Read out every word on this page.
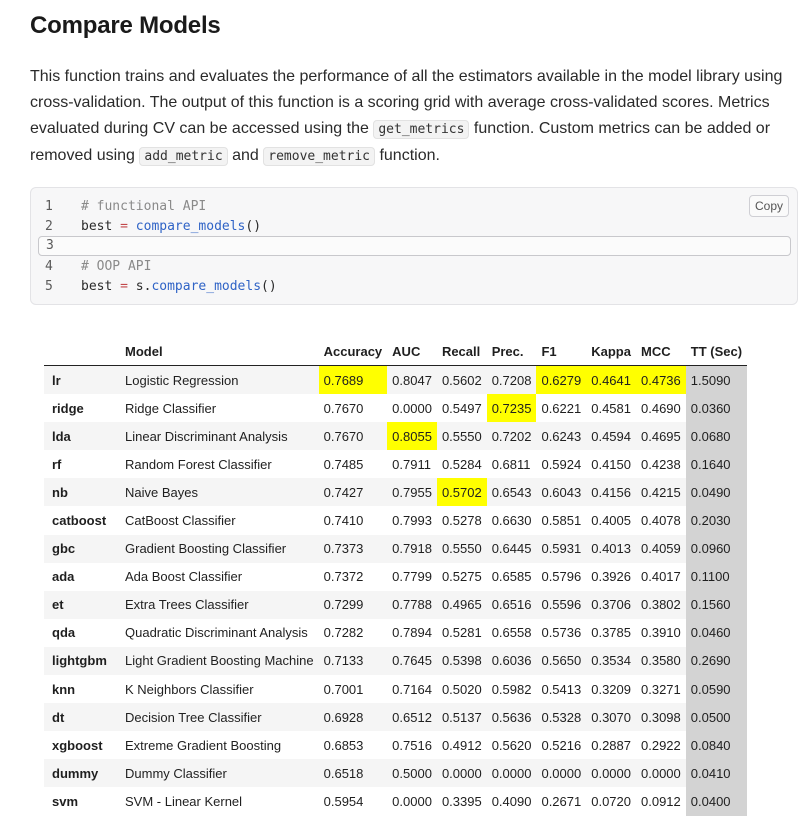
Compare Models

This function trains and evaluates the performance of all the estimators available in the model library using cross-validation. The output of this function is a scoring grid with average cross-validated scores. Metrics evaluated during CV can be accessed using the get_metrics function. Custom metrics can be added or removed using add_metric and remove_metric function.

Copy
1 # functional API
2 best = compare_models()
3
4 # OOP API
5 best = s.compare_models()
	Model	Accuracy	AUC	Recall	Prec.	F1	Kappa	MCC	TT (Sec)
lr	Logistic Regression	0.7689	0.8047	0.5602	0.7208	0.6279	0.4641	0.4736	1.5090
ridge	Ridge Classifier	0.7670	0.0000	0.5497	0.7235	0.6221	0.4581	0.4690	0.0360
lda	Linear Discriminant Analysis	0.7670	0.8055	0.5550	0.7202	0.6243	0.4594	0.4695	0.0680
rf	Random Forest Classifier	0.7485	0.7911	0.5284	0.6811	0.5924	0.4150	0.4238	0.1640
nb	Naive Bayes	0.7427	0.7955	0.5702	0.6543	0.6043	0.4156	0.4215	0.0490
catboost	CatBoost Classifier	0.7410	0.7993	0.5278	0.6630	0.5851	0.4005	0.4078	0.2030
gbc	Gradient Boosting Classifier	0.7373	0.7918	0.5550	0.6445	0.5931	0.4013	0.4059	0.0960
ada	Ada Boost Classifier	0.7372	0.7799	0.5275	0.6585	0.5796	0.3926	0.4017	0.1100
et	Extra Trees Classifier	0.7299	0.7788	0.4965	0.6516	0.5596	0.3706	0.3802	0.1560
qda	Quadratic Discriminant Analysis	0.7282	0.7894	0.5281	0.6558	0.5736	0.3785	0.3910	0.0460
lightgbm	Light Gradient Boosting Machine	0.7133	0.7645	0.5398	0.6036	0.5650	0.3534	0.3580	0.2690
knn	K Neighbors Classifier	0.7001	0.7164	0.5020	0.5982	0.5413	0.3209	0.3271	0.0590
dt	Decision Tree Classifier	0.6928	0.6512	0.5137	0.5636	0.5328	0.3070	0.3098	0.0500
xgboost	Extreme Gradient Boosting	0.6853	0.7516	0.4912	0.5620	0.5216	0.2887	0.2922	0.0840
dummy	Dummy Classifier	0.6518	0.5000	0.0000	0.0000	0.0000	0.0000	0.0000	0.0410
svm	SVM - Linear Kernel	0.5954	0.0000	0.3395	0.4090	0.2671	0.0720	0.0912	0.0400
